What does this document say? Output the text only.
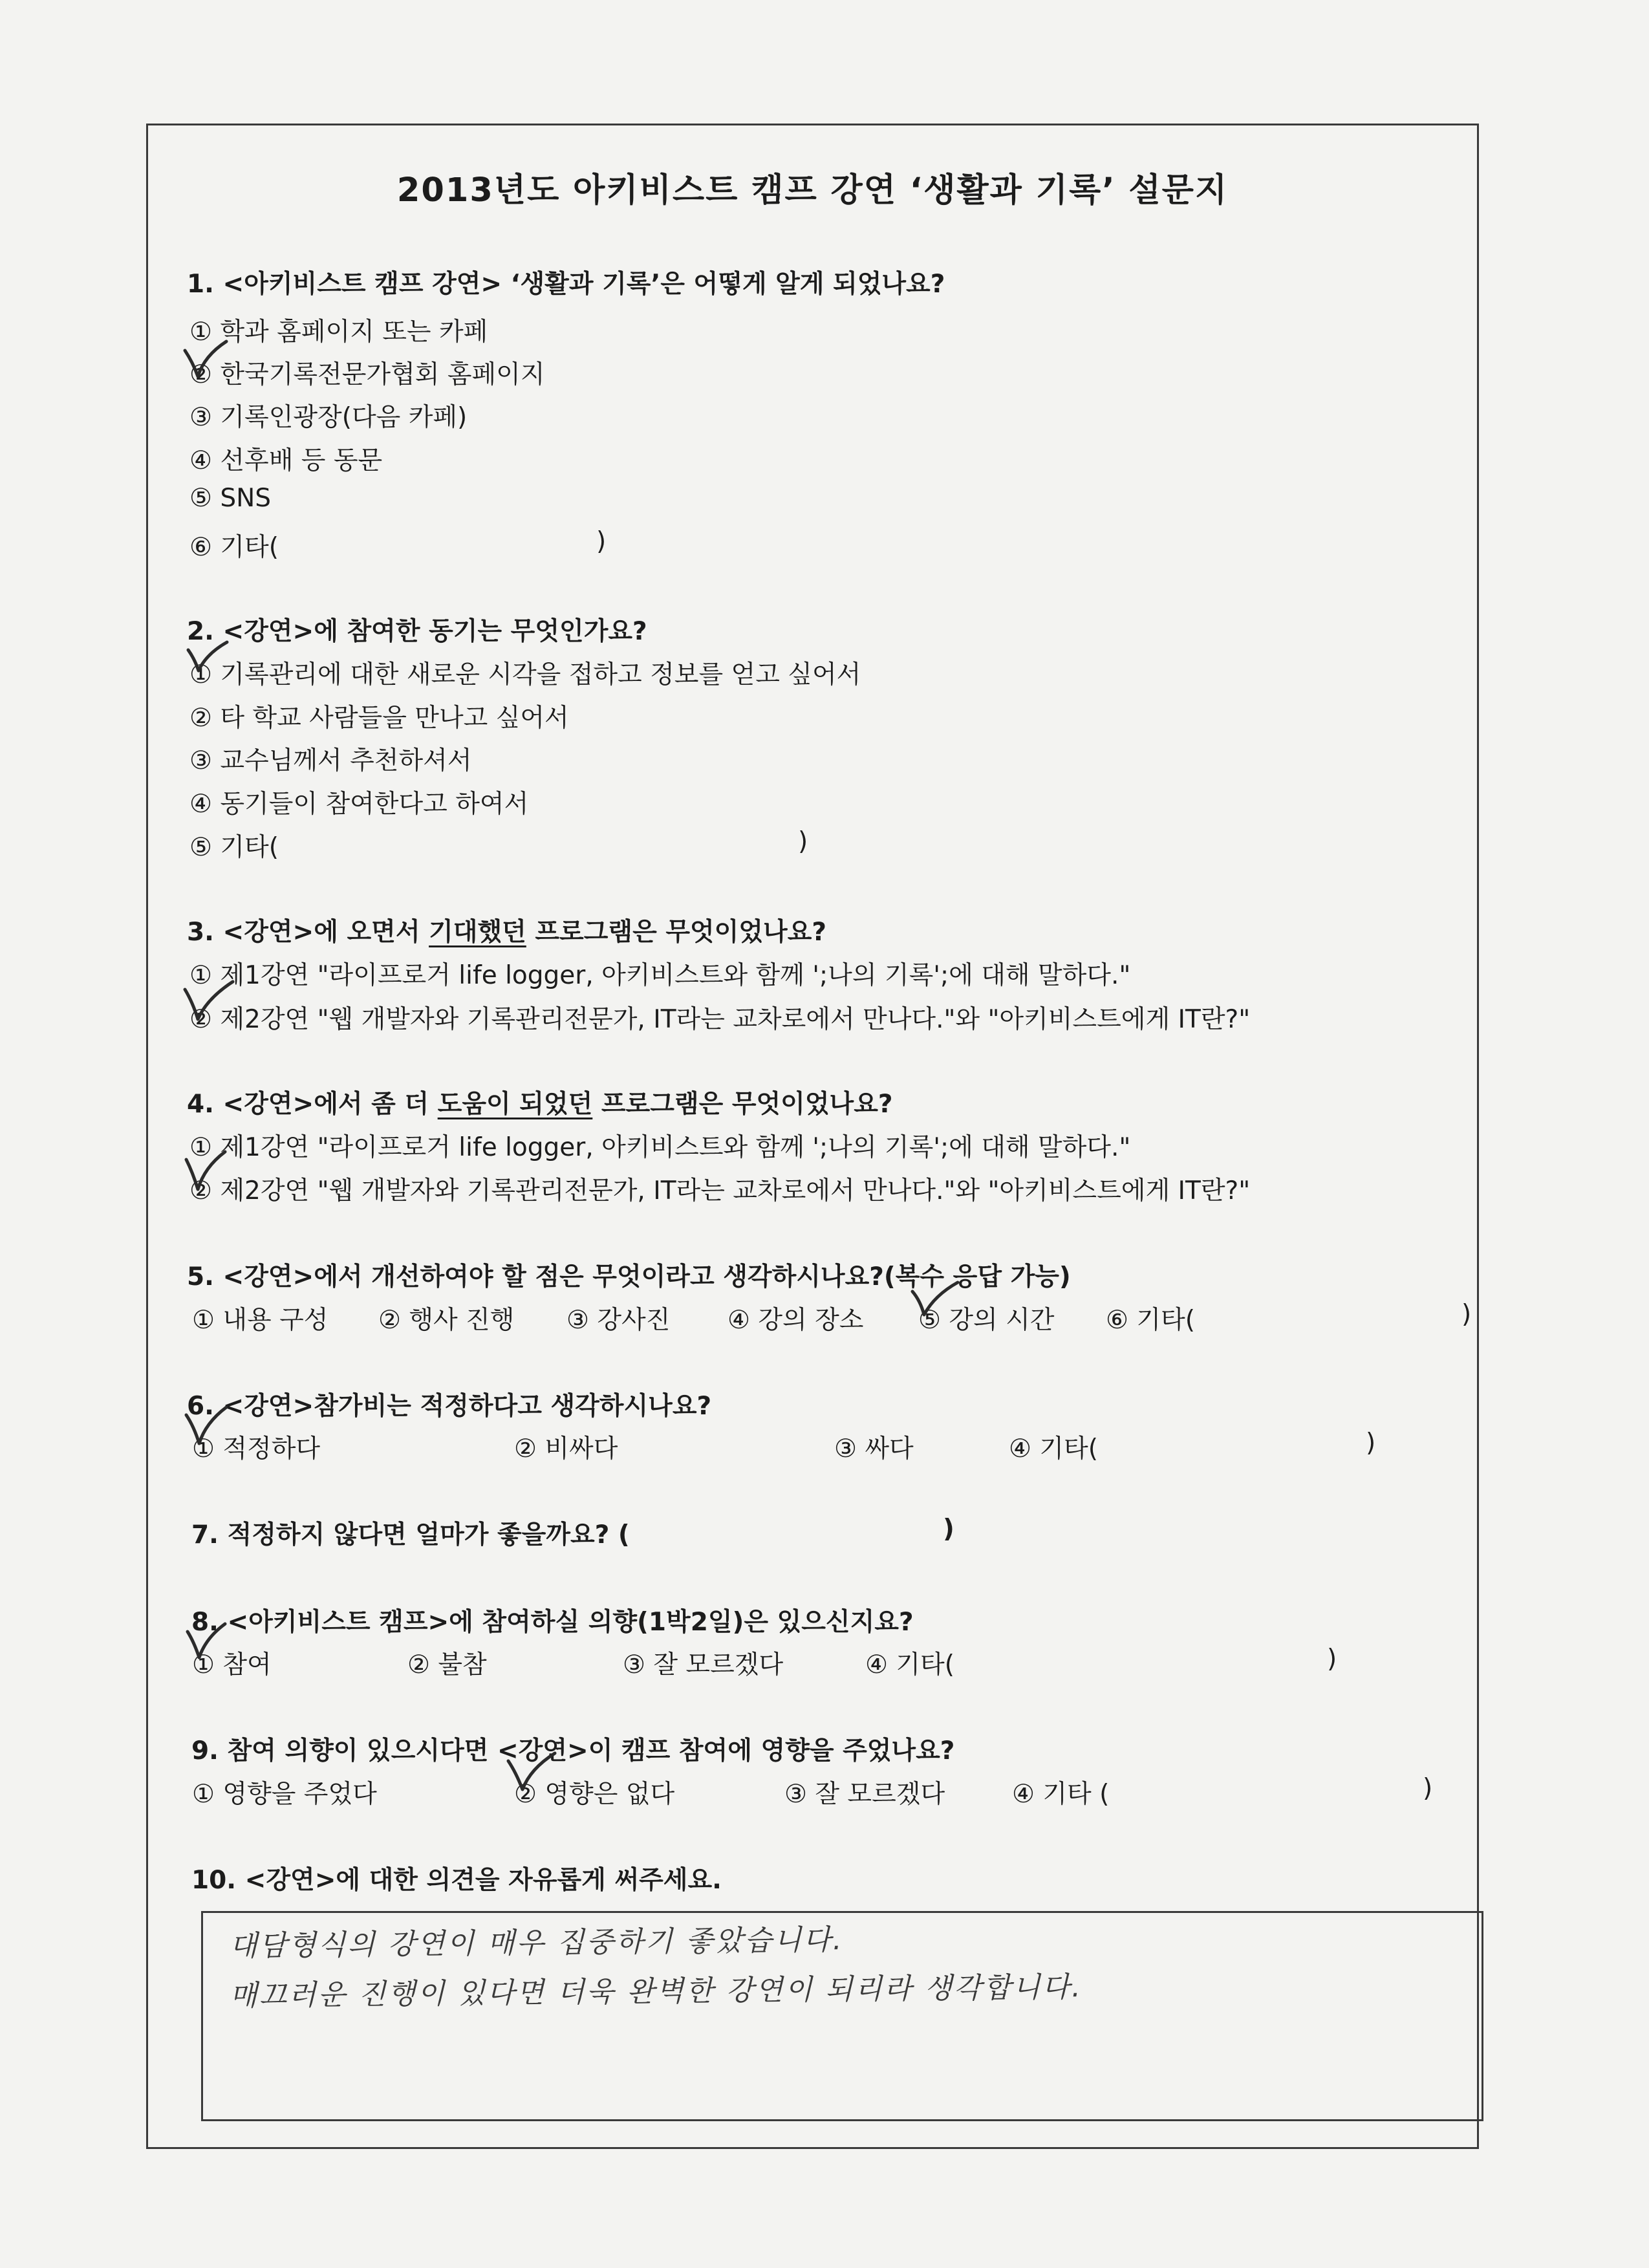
2013년도 아키비스트 캠프 강연 ‘생활과 기록’ 설문지
1. <아키비스트 캠프 강연> ‘생활과 기록’은 어떻게 알게 되었나요?
① 학과 홈페이지 또는 카페
② 한국기록전문가협회 홈페이지
③ 기록인광장(다음 카페)
④ 선후배 등 동문
⑤ SNS
⑥ 기타(	)
2. <강연>에 참여한 동기는 무엇인가요?
① 기록관리에 대한 새로운 시각을 접하고 정보를 얻고 싶어서
② 타 학교 사람들을 만나고 싶어서
③ 교수님께서 추천하셔서
④ 동기들이 참여한다고 하여서
⑤ 기타(	)
3. <강연>에 오면서 기대했던 프로그램은 무엇이었나요?
① 제1강연 "라이프로거 life logger, 아키비스트와 함께 ';나의 기록';에 대해 말하다."
② 제2강연 "웹 개발자와 기록관리전문가, IT라는 교차로에서 만나다."와 "아키비스트에게 IT란?"
4. <강연>에서 좀 더 도움이 되었던 프로그램은 무엇이었나요?
① 제1강연 "라이프로거 life logger, 아키비스트와 함께 ';나의 기록';에 대해 말하다."
② 제2강연 "웹 개발자와 기록관리전문가, IT라는 교차로에서 만나다."와 "아키비스트에게 IT란?"
5. <강연>에서 개선하여야 할 점은 무엇이라고 생각하시나요?(복수 응답 가능)
① 내용 구성 ② 행사 진행 ③ 강사진 ④ 강의 장소 ⑤ 강의 시간 ⑥ 기타(	)
6. <강연>참가비는 적정하다고 생각하시나요?
① 적정하다	② 비싸다	③ 싸다	④ 기타(	)
7. 적정하지 않다면 얼마가 좋을까요? (	)
8. <아키비스트 캠프>에 참여하실 의향(1박2일)은 있으신지요?
① 참여	② 불참	③ 잘 모르겠다	④ 기타(	)
9. 참여 의향이 있으시다면 <강연>이 캠프 참여에 영향을 주었나요?
① 영향을 주었다	② 영향은 없다	③ 잘 모르겠다	④ 기타 (	)
10. <강연>에 대한 의견을 자유롭게 써주세요.
대담형식의 강연이 매우 집중하기 좋았습니다.
매끄러운 진행이 있다면 더욱 완벽한 강연이 되리라 생각합니다.
